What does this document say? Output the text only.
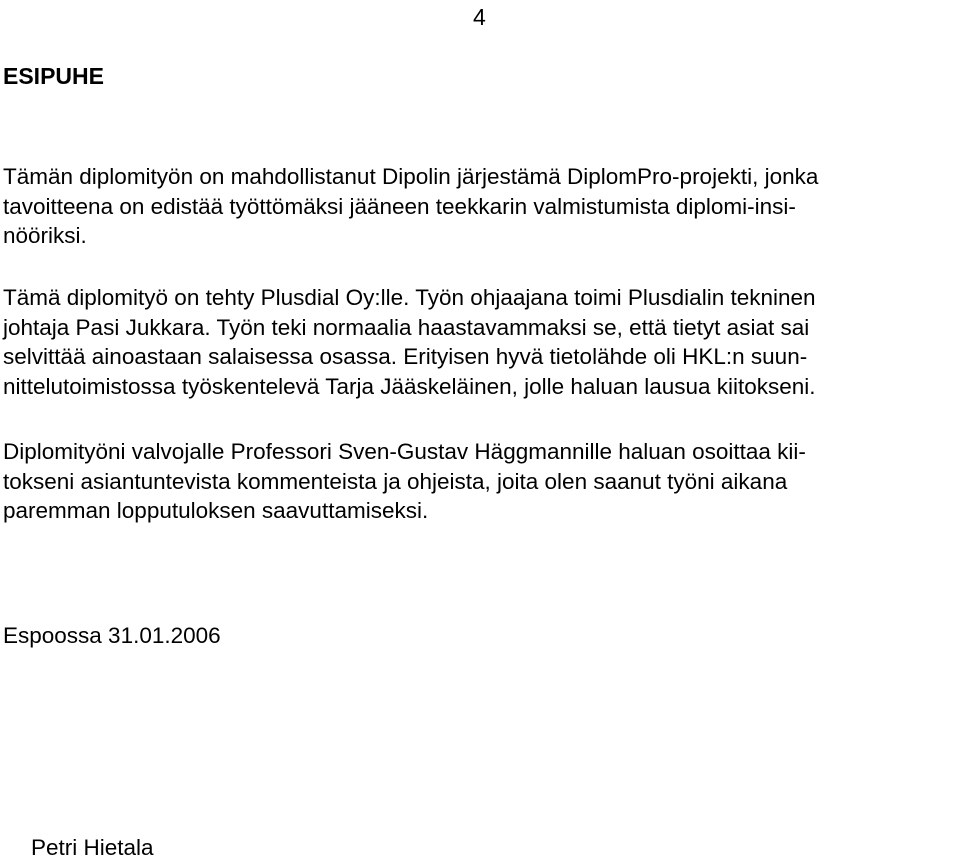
4
ESIPUHE

Tämän diplomityön on mahdollistanut Dipolin järjestämä DiplomPro-projekti, jonka
tavoitteena on edistää työttömäksi jääneen teekkarin valmistumista diplomi-insi-
nööriksi.

Tämä diplomityö on tehty Plusdial Oy:lle. Työn ohjaajana toimi Plusdialin tekninen
johtaja Pasi Jukkara. Työn teki normaalia haastavammaksi se, että tietyt asiat sai
selvittää ainoastaan salaisessa osassa. Erityisen hyvä tietolähde oli HKL:n suun-
nittelutoimistossa työskentelevä Tarja Jääskeläinen, jolle haluan lausua kiitokseni.

Diplomityöni valvojalle Professori Sven-Gustav Häggmannille haluan osoittaa kii-
tokseni asiantuntevista kommenteista ja ohjeista, joita olen saanut työni aikana
paremman lopputuloksen saavuttamiseksi.

Espoossa 31.01.2006
Petri Hietala
